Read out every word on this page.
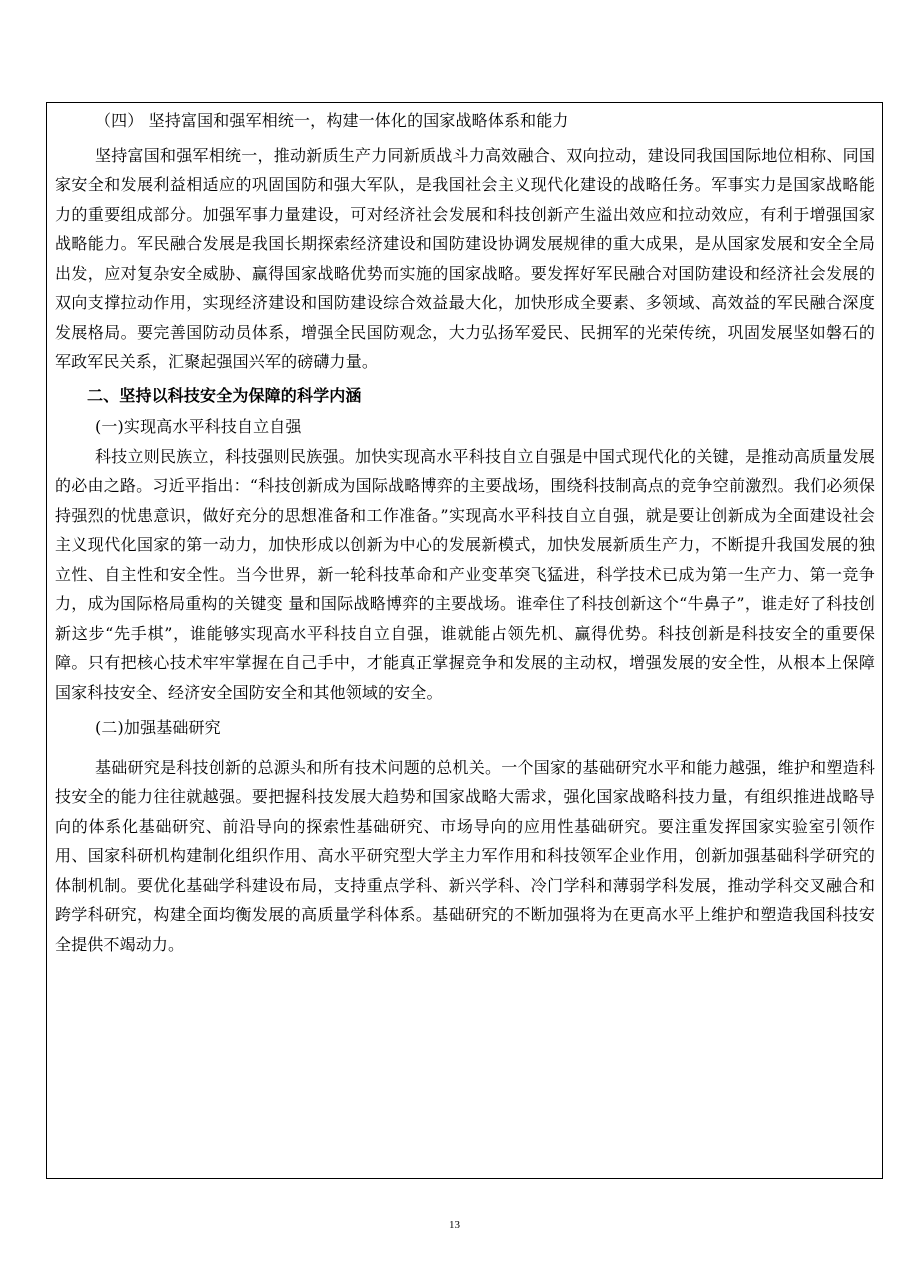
（四） 坚持富国和强军相统一，构建一体化的国家战略体系和能力

坚持富国和强军相统一，推动新质生产力同新质战斗力高效融合、双向拉动，建设同我国国际地位相称、同国家安全和发展利益相适应的巩固国防和强大军队，是我国社会主义现代化建设的战略任务。军事实力是国家战略能力的重要组成部分。加强军事力量建设，可对经济社会发展和科技创新产生溢出效应和拉动效应，有利于增强国家战略能力。军民融合发展是我国长期探索经济建设和国防建设协调发展规律的重大成果，是从国家发展和安全全局出发，应对复杂安全威胁、赢得国家战略优势而实施的国家战略。要发挥好军民融合对国防建设和经济社会发展的双向支撑拉动作用，实现经济建设和国防建设综合效益最大化，加快形成全要素、多领域、高效益的军民融合深度发展格局。要完善国防动员体系，增强全民国防观念，大力弘扬军爱民、民拥军的光荣传统，巩固发展坚如磐石的军政军民关系，汇聚起强国兴军的磅礴力量。

二、坚持以科技安全为保障的科学内涵

(一)实现高水平科技自立自强

科技立则民族立，科技强则民族强。加快实现高水平科技自立自强是中国式现代化的关键，是推动高质量发展的必由之路。习近平指出：“科技创新成为国际战略博弈的主要战场，围绕科技制高点的竞争空前激烈。我们必须保持强烈的忧患意识，做好充分的思想准备和工作准备。”实现高水平科技自立自强，就是要让创新成为全面建设社会主义现代化国家的第一动力，加快形成以创新为中心的发展新模式，加快发展新质生产力，不断提升我国发展的独立性、自主性和安全性。当今世界，新一轮科技革命和产业变革突飞猛进，科学技术已成为第一生产力、第一竞争力，成为国际格局重构的关键变 量和国际战略博弈的主要战场。谁牵住了科技创新这个“牛鼻子”，谁走好了科技创新这步“先手棋”，谁能够实现高水平科技自立自强，谁就能占领先机、赢得优势。科技创新是科技安全的重要保障。只有把核心技术牢牢掌握在自己手中，才能真正掌握竞争和发展的主动权，增强发展的安全性，从根本上保障国家科技安全、经济安全国防安全和其他领域的安全。

(二)加强基础研究

基础研究是科技创新的总源头和所有技术问题的总机关。一个国家的基础研究水平和能力越强，维护和塑造科技安全的能力往往就越强。要把握科技发展大趋势和国家战略大需求，强化国家战略科技力量，有组织推进战略导向的体系化基础研究、前沿导向的探索性基础研究、市场导向的应用性基础研究。要注重发挥国家实验室引领作用、国家科研机构建制化组织作用、高水平研究型大学主力军作用和科技领军企业作用，创新加强基础科学研究的体制机制。要优化基础学科建设布局，支持重点学科、新兴学科、冷门学科和薄弱学科发展，推动学科交叉融合和跨学科研究，构建全面均衡发展的高质量学科体系。基础研究的不断加强将为在更高水平上维护和塑造我国科技安全提供不竭动力。

13
